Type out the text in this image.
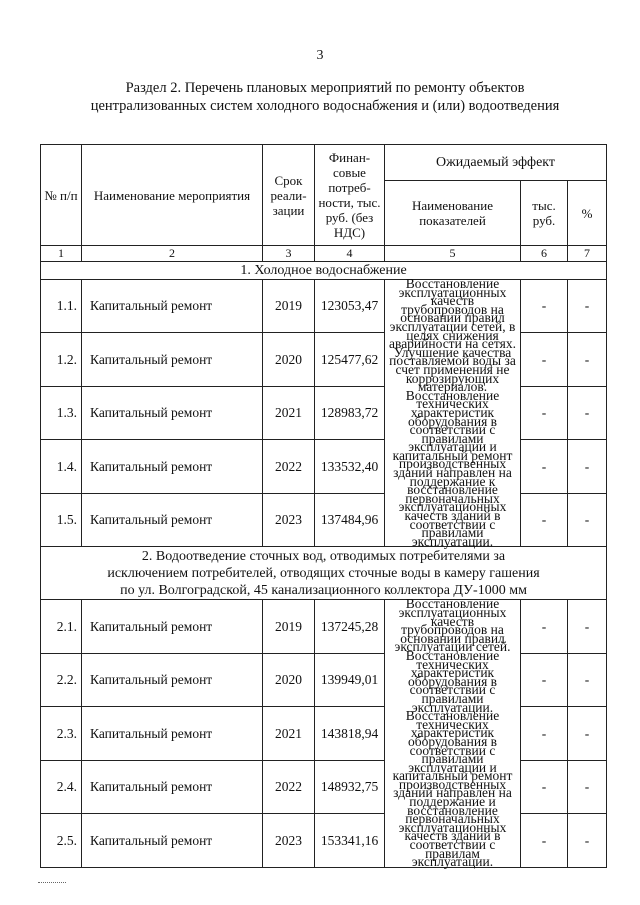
3
Раздел 2. Перечень плановых мероприятий по ремонту объектов централизованных систем холодного водоснабжения и (или) водоотведения
№ п/п	Наименование мероприятия	Срок реали- зации	Финан- совые потреб- ности, тыс. руб. (без НДС)	Ожидаемый эффект		
				Наименование показателей	тыс. руб.	%
1	2	3	4	5	6	7
1. Холодное водоснабжение						
1.1.	Капитальный ремонт	2019	123053,47	Восстановление эксплуатационных качеств трубопроводов на основании правил эксплуатации сетей, в целях снижения аварийности на сетях. Улучшение качества поставляемой воды за счет применения не коррозирующих материалов. Восстановление технических характеристик оборудования в соответствии с правилами эксплуатации и капитальный ремонт производственных зданий направлен на поддержание к восстановление первоначальных эксплуатационных качеств зданий в соответствии с правилами эксплуатации.	-	-
1.2.	Капитальный ремонт	2020	125477,62		-	-
1.3.	Капитальный ремонт	2021	128983,72		-	-
1.4.	Капитальный ремонт	2022	133532,40		-	-
1.5.	Капитальный ремонт	2023	137484,96		-	-
2. Водоотведение сточных вод, отводимых потребителями за исключением потребителей, отводящих сточные воды в камеру гашения по ул. Волгоградской, 45 канализационного коллектора ДУ-1000 мм						
2.1.	Капитальный ремонт	2019	137245,28	Восстановление эксплуатационных качеств трубопроводов на основании правил эксплуатации сетей. Восстановление технических характеристик оборудования в соответствии с правилами эксплуатации. Восстановление технических характеристик оборудования в соответствии с правилами эксплуатации и капитальный ремонт производственных зданий направлен на поддержание и восстановление первоначальных эксплуатационных качеств зданий в соответствии с правилам эксплуатации.	-	-
2.2.	Капитальный ремонт	2020	139949,01		-	-
2.3.	Капитальный ремонт	2021	143818,94		-	-
2.4.	Капитальный ремонт	2022	148932,75		-	-
2.5.	Капитальный ремонт	2023	153341,16		-	-
